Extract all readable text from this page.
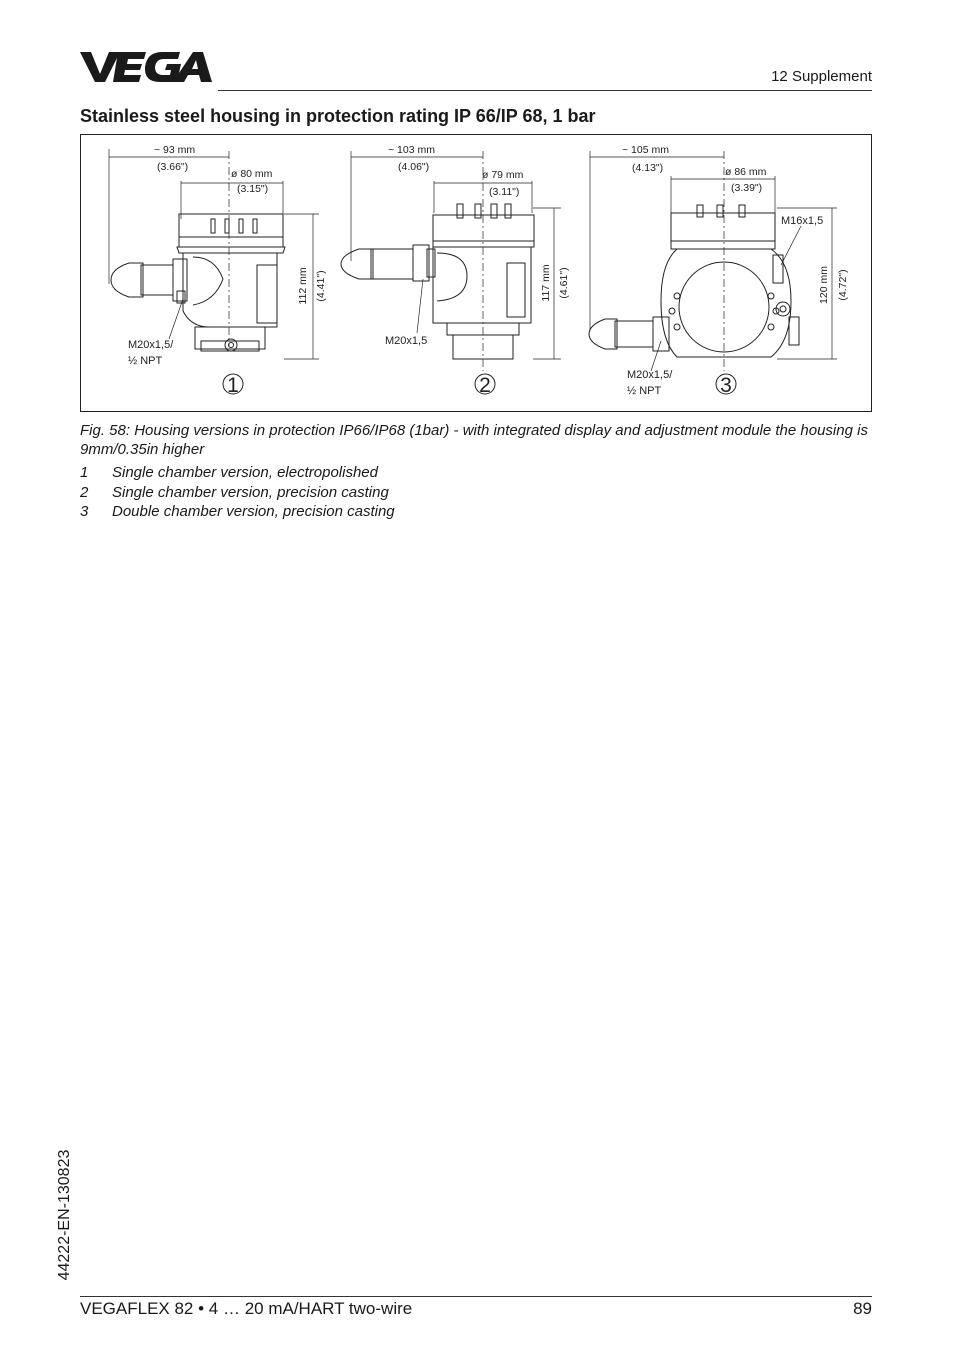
12 Supplement
Stainless steel housing in protection rating IP 66/IP 68, 1 bar
~ 93 mm
(3.66")
ø 80 mm
(3.15")
112 mm (4.41")
M20x1,5/
½ NPT
1
~ 103 mm
(4.06")
ø 79 mm
(3.11")
117 mm (4.61")
M20x1,5
2
~ 105 mm
(4.13")	ø 86 mm
(3.39")
M16x1,5
120 mm (4.72")
M20x1,5/
½ NPT	3
Fig. 58: Housing versions in protection IP66/IP68 (1bar) - with integrated display and adjustment module the housing is 9mm/0.35in higher
1 Single chamber version, electropolished
2 Single chamber version, precision casting
3 Double chamber version, precision casting
44222-EN-130823
VEGAFLEX 82 • 4 … 20 mA/HART two-wire	89
